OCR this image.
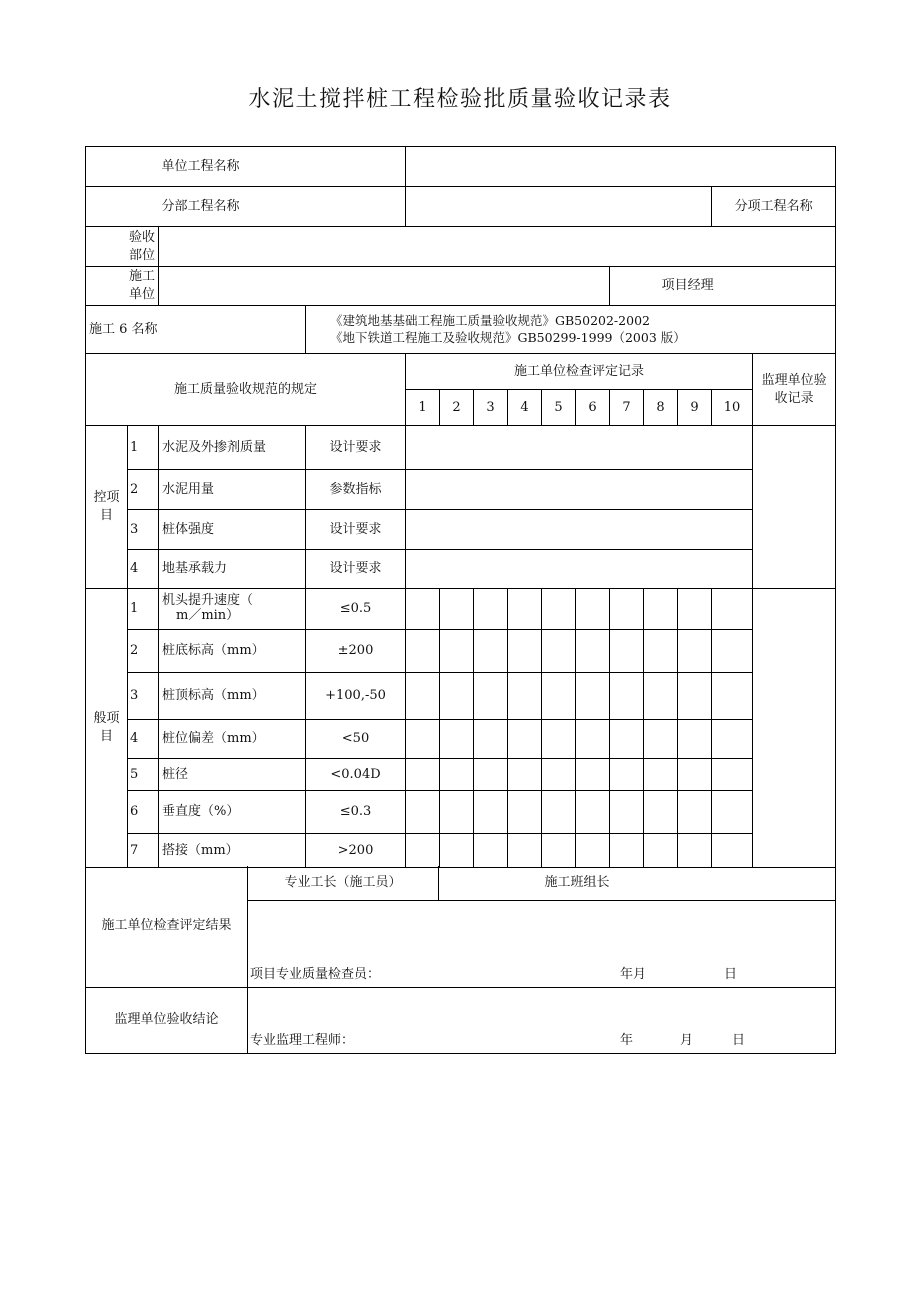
水泥土搅拌桩工程检验批质量验收记录表
单位工程名称														
分部工程名称													分项工程名称	
验收部位														
施工单位										项目经理				
施工 6 名称			《建筑地基基础工程施工质量验收规范》GB50202-2002
《地下铁道工程施工及验收规范》GB50299-1999（2003 版）											

施工质量验收规范的规定				施工单位检查评定记录										监理单位验
收记录

				1	2	3	4	5	6	7	8	9	10	

控项
目	1	水泥及外掺剂质量	设计要求											
	2	水泥用量	参数指标											
	3	桩体强度	设计要求											
	4	地基承载力	设计要求											

般项
目	1	机头提升速度（
m／min）	≤0.5											
	2	桩底标高（mm）	±200											
	3	桩顶标高（mm）	+100,-50											
	4	桩位偏差（mm）	<50											
	5	桩径	<0.04D											
	6	垂直度（%）	≤0.3											
	7	搭接（mm）	>200											
施工单位检查评定结果	专业工长（施工员）	施工班组长

	项目专业质量检查员： 年月 日	

监理单位验收结论	专业监理工程师： 年 月 日	
